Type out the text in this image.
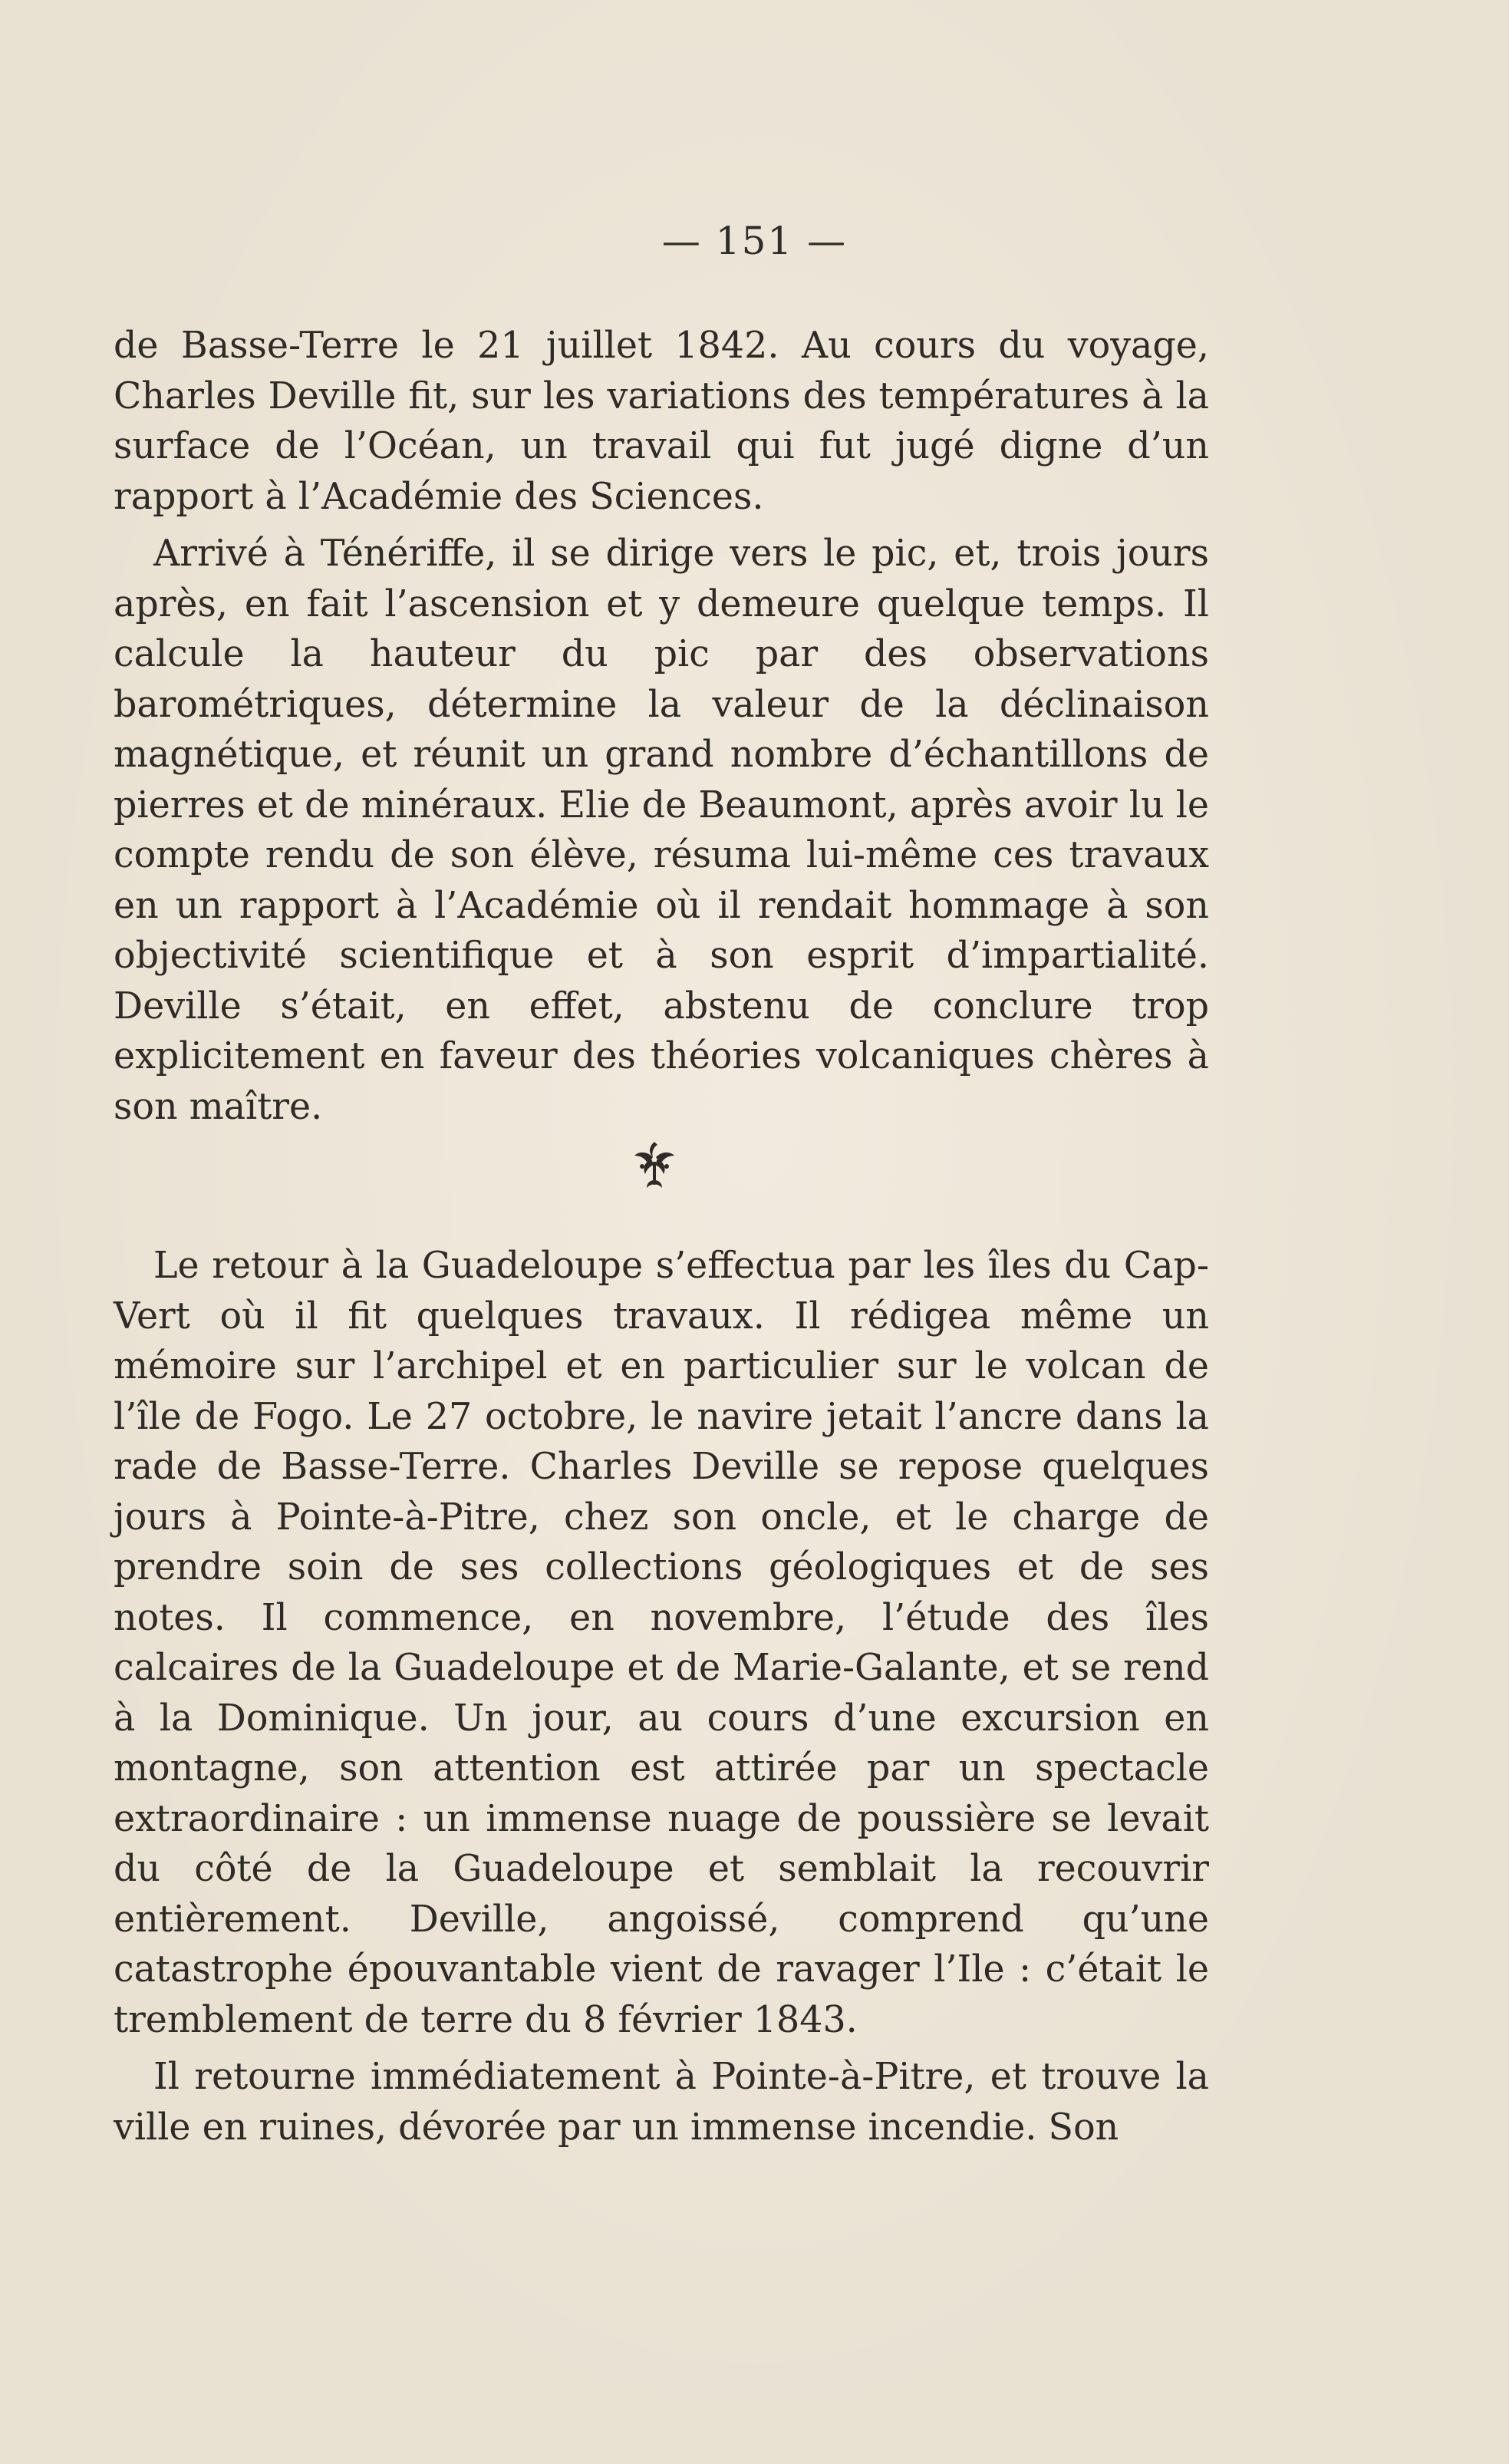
— 151 —

de Basse-Terre le 21 juillet 1842. Au cours du voyage, Charles Deville fit, sur les variations des températures à la surface de l’Océan, un travail qui fut jugé digne d’un rapport à l’Académie des Sciences.

Arrivé à Ténériffe, il se dirige vers le pic, et, trois jours après, en fait l’ascension et y demeure quelque temps. Il calcule la hauteur du pic par des observations barométriques, détermine la valeur de la déclinaison magnétique, et réunit un grand nombre d’échantillons de pierres et de minéraux. Elie de Beaumont, après avoir lu le compte rendu de son élève, résuma lui-même ces travaux en un rapport à l’Académie où il rendait hommage à son objectivité scientifique et à son esprit d’impartialité. Deville s’était, en effet, abstenu de conclure trop explicitement en faveur des théories volcaniques chères à son maître.

Le retour à la Guadeloupe s’effectua par les îles du Cap-Vert où il fit quelques travaux. Il rédigea même un mémoire sur l’archipel et en particulier sur le volcan de l’île de Fogo. Le 27 octobre, le navire jetait l’ancre dans la rade de Basse-Terre. Charles Deville se repose quelques jours à Pointe-à-Pitre, chez son oncle, et le charge de prendre soin de ses collections géologiques et de ses notes. Il commence, en novembre, l’étude des îles calcaires de la Guadeloupe et de Marie-Galante, et se rend à la Dominique. Un jour, au cours d’une excursion en montagne, son attention est attirée par un spectacle extraordinaire : un immense nuage de poussière se levait du côté de la Guadeloupe et semblait la recouvrir entièrement. Deville, angoissé, comprend qu’une catastrophe épouvantable vient de ravager l’Ile : c’était le tremblement de terre du 8 février 1843.

Il retourne immédiatement à Pointe-à-Pitre, et trouve la ville en ruines, dévorée par un immense incendie. Son
